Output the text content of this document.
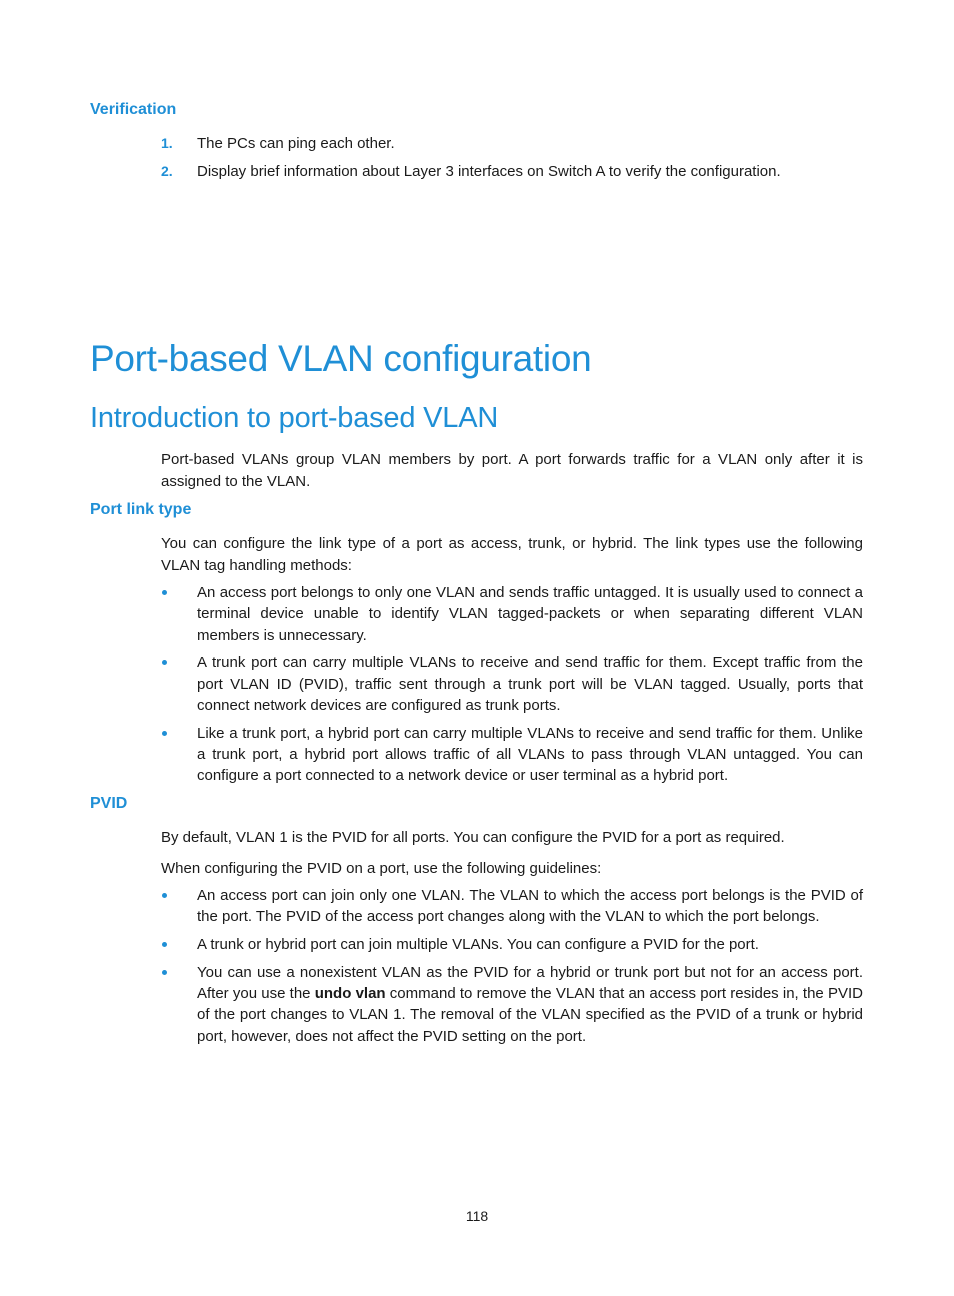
Verification
1. The PCs can ping each other.
2. Display brief information about Layer 3 interfaces on Switch A to verify the configuration.
Port-based VLAN configuration
Introduction to port-based VLAN

Port-based VLANs group VLAN members by port. A port forwards traffic for a VLAN only after it is assigned to the VLAN.

Port link type

You can configure the link type of a port as access, trunk, or hybrid. The link types use the following VLAN tag handling methods:

An access port belongs to only one VLAN and sends traffic untagged. It is usually used to connect a terminal device unable to identify VLAN tagged-packets or when separating different VLAN members is unnecessary.
A trunk port can carry multiple VLANs to receive and send traffic for them. Except traffic from the port VLAN ID (PVID), traffic sent through a trunk port will be VLAN tagged. Usually, ports that connect network devices are configured as trunk ports.
Like a trunk port, a hybrid port can carry multiple VLANs to receive and send traffic for them. Unlike a trunk port, a hybrid port allows traffic of all VLANs to pass through VLAN untagged. You can configure a port connected to a network device or user terminal as a hybrid port.
PVID

By default, VLAN 1 is the PVID for all ports. You can configure the PVID for a port as required.

When configuring the PVID on a port, use the following guidelines:

An access port can join only one VLAN. The VLAN to which the access port belongs is the PVID of the port. The PVID of the access port changes along with the VLAN to which the port belongs.
A trunk or hybrid port can join multiple VLANs. You can configure a PVID for the port.
You can use a nonexistent VLAN as the PVID for a hybrid or trunk port but not for an access port. After you use the undo vlan command to remove the VLAN that an access port resides in, the PVID of the port changes to VLAN 1. The removal of the VLAN specified as the PVID of a trunk or hybrid port, however, does not affect the PVID setting on the port.
118
